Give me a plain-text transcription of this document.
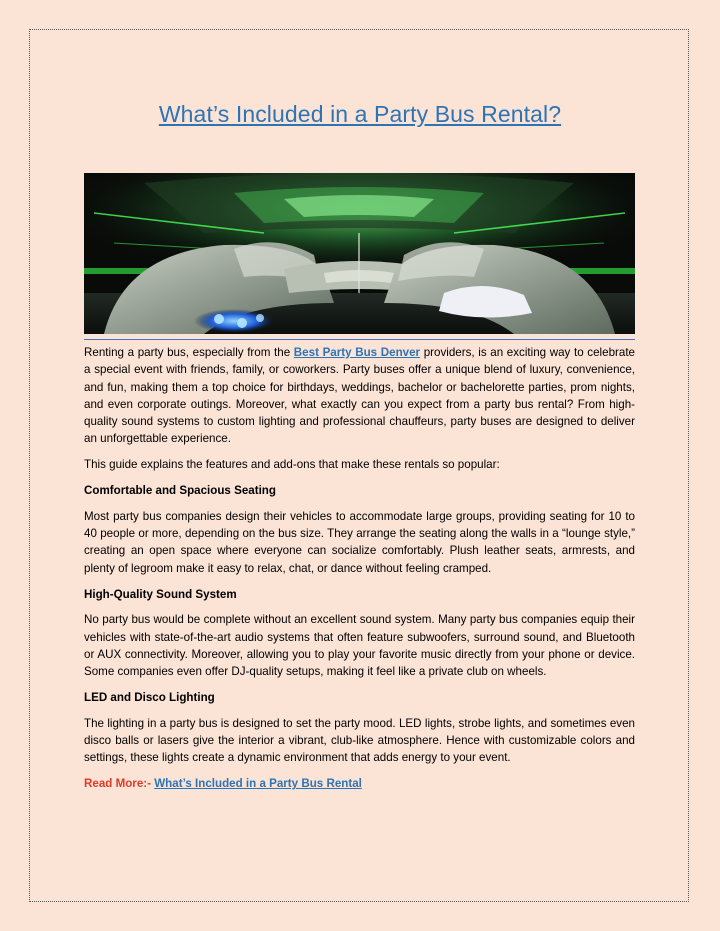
What’s Included in a Party Bus Rental?

Renting a party bus, especially from the Best Party Bus Denver providers, is an exciting way to celebrate a special event with friends, family, or coworkers. Party buses offer a unique blend of luxury, convenience, and fun, making them a top choice for birthdays, weddings, bachelor or bachelorette parties, prom nights, and even corporate outings. Moreover, what exactly can you expect from a party bus rental? From high-quality sound systems to custom lighting and professional chauffeurs, party buses are designed to deliver an unforgettable experience.

This guide explains the features and add-ons that make these rentals so popular:

Comfortable and Spacious Seating

Most party bus companies design their vehicles to accommodate large groups, providing seating for 10 to 40 people or more, depending on the bus size. They arrange the seating along the walls in a “lounge style,” creating an open space where everyone can socialize comfortably. Plush leather seats, armrests, and plenty of legroom make it easy to relax, chat, or dance without feeling cramped.

High-Quality Sound System

No party bus would be complete without an excellent sound system. Many party bus companies equip their vehicles with state-of-the-art audio systems that often feature subwoofers, surround sound, and Bluetooth or AUX connectivity. Moreover, allowing you to play your favorite music directly from your phone or device. Some companies even offer DJ-quality setups, making it feel like a private club on wheels.

LED and Disco Lighting

The lighting in a party bus is designed to set the party mood. LED lights, strobe lights, and sometimes even disco balls or lasers give the interior a vibrant, club-like atmosphere. Hence with customizable colors and settings, these lights create a dynamic environment that adds energy to your event.

Read More:- What’s Included in a Party Bus Rental
